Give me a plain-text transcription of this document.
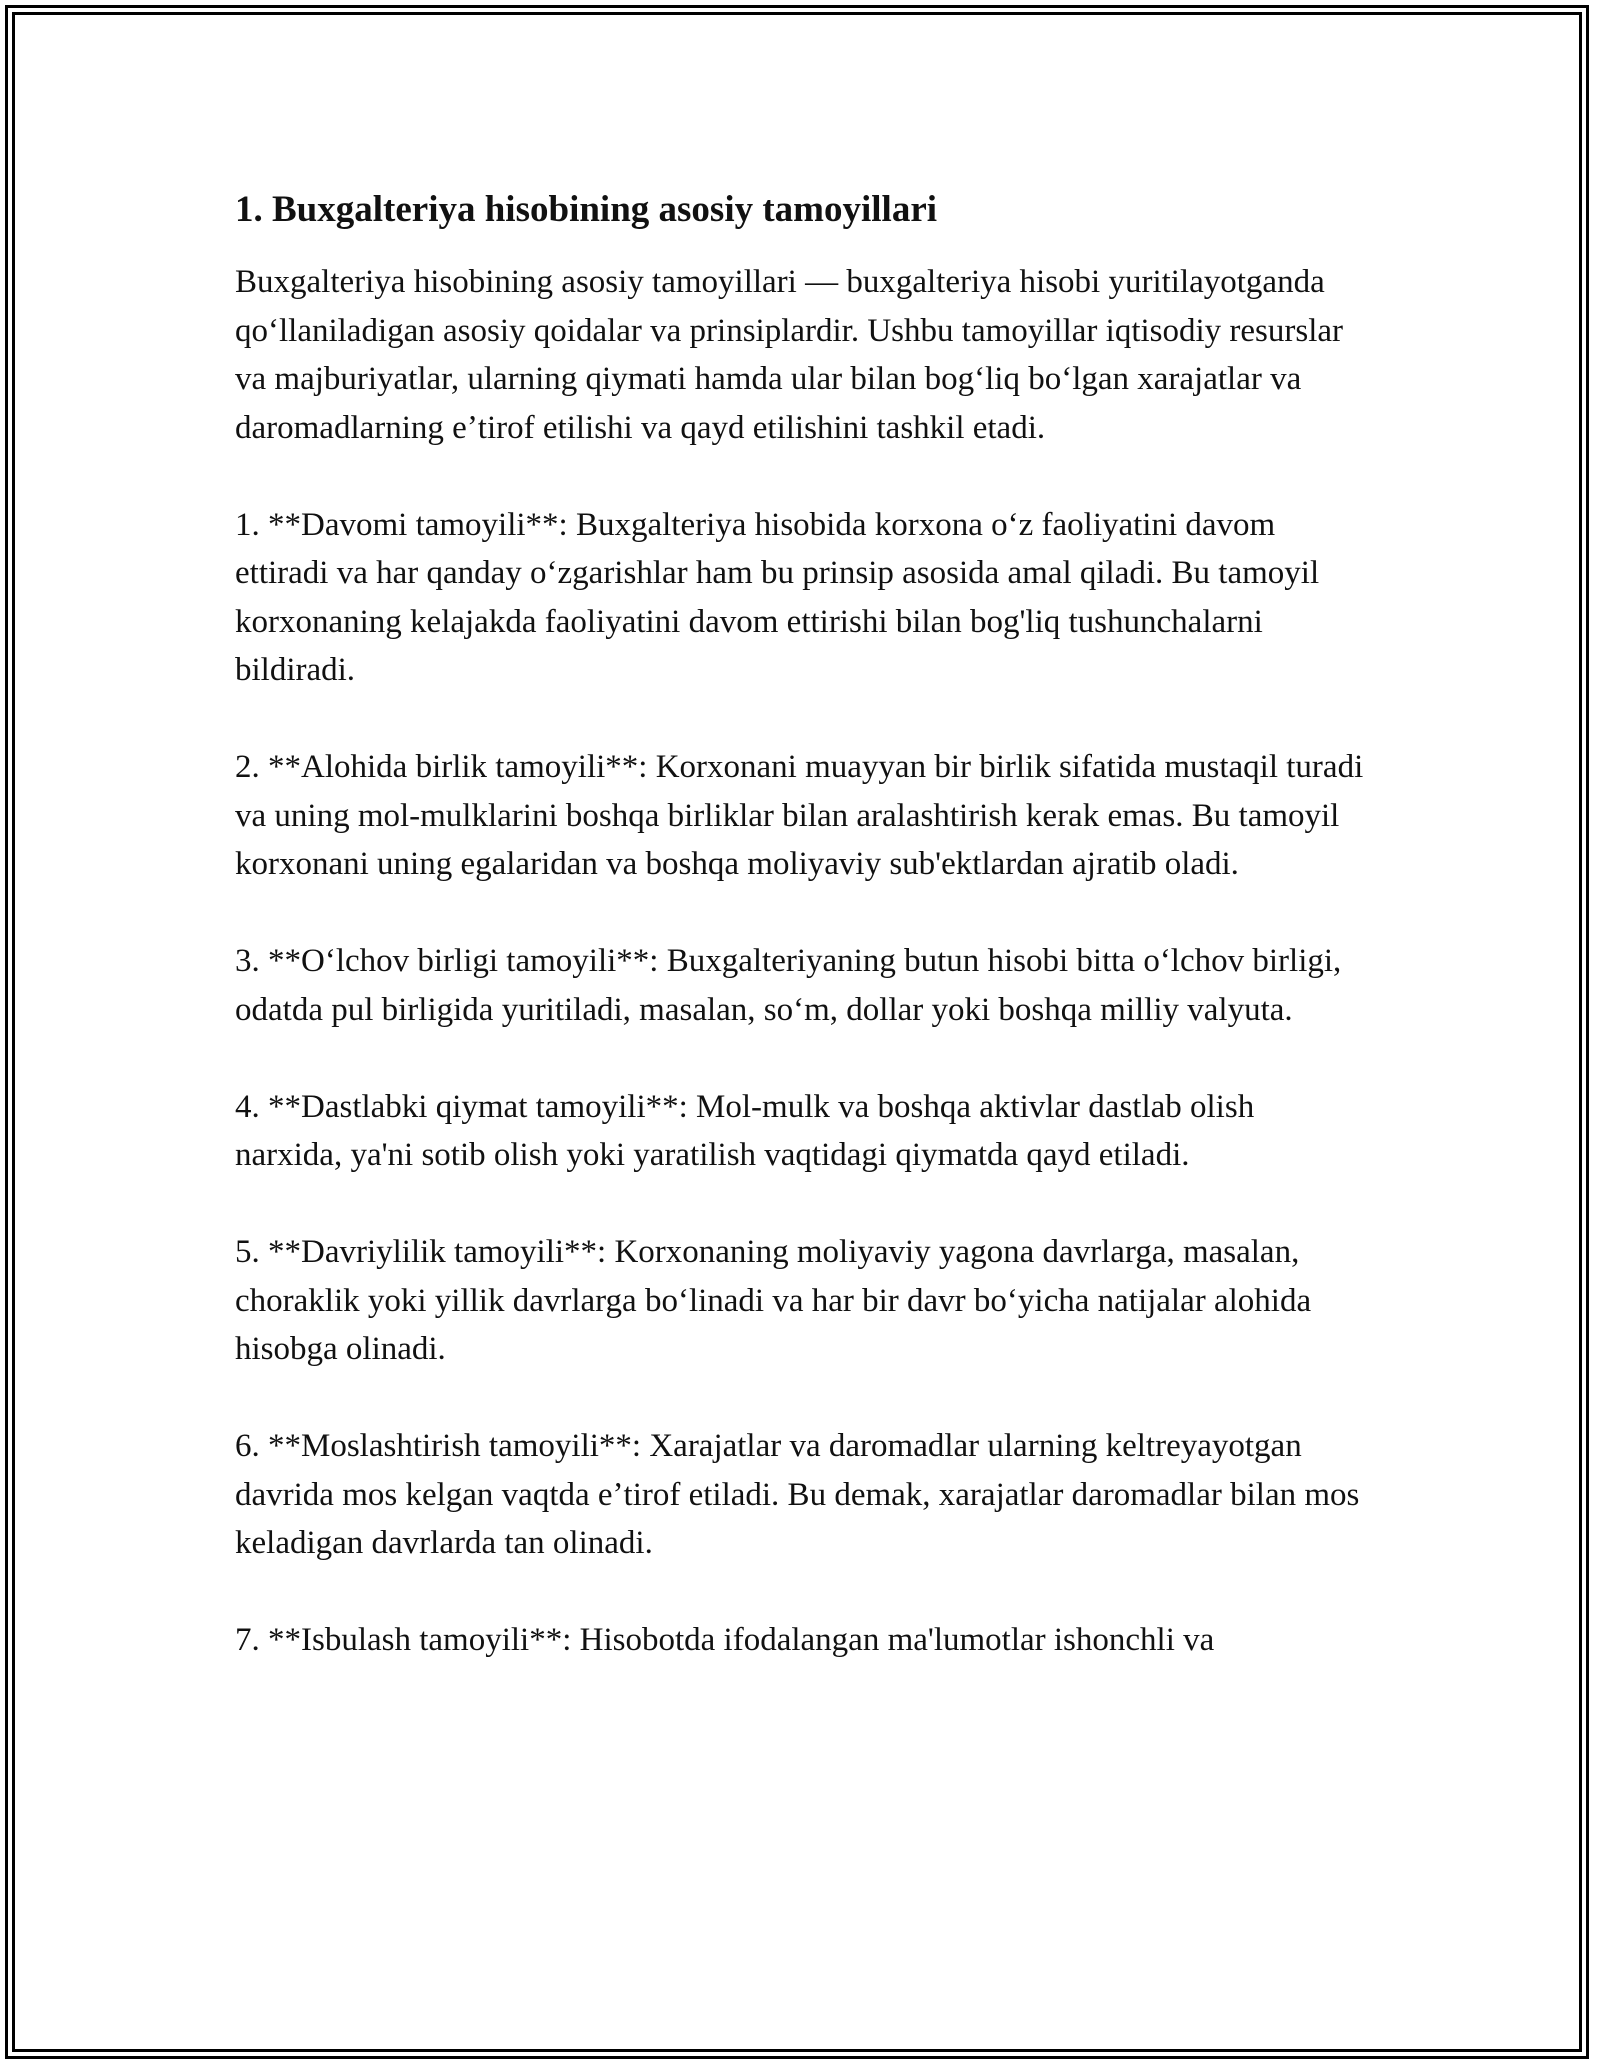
1. Buxgalteriya hisobining asosiy tamoyillari

Buxgalteriya hisobining asosiy tamoyillari — buxgalteriya hisobi yuritilayotganda qoʻllaniladigan asosiy qoidalar va prinsiplardir. Ushbu tamoyillar iqtisodiy resurslar va majburiyatlar, ularning qiymati hamda ular bilan bogʻliq boʻlgan xarajatlar va daromadlarning eʼtirof etilishi va qayd etilishini tashkil etadi.

1. **Davomi tamoyili**: Buxgalteriya hisobida korxona oʻz faoliyatini davom ettiradi va har qanday oʻzgarishlar ham bu prinsip asosida amal qiladi. Bu tamoyil korxonaning kelajakda faoliyatini davom ettirishi bilan bog'liq tushunchalarni bildiradi.

2. **Alohida birlik tamoyili**: Korxonani muayyan bir birlik sifatida mustaqil turadi va uning mol-mulklarini boshqa birliklar bilan aralashtirish kerak emas. Bu tamoyil korxonani uning egalaridan va boshqa moliyaviy sub'ektlardan ajratib oladi.

3. **Oʻlchov birligi tamoyili**: Buxgalteriyaning butun hisobi bitta oʻlchov birligi, odatda pul birligida yuritiladi, masalan, soʻm, dollar yoki boshqa milliy valyuta.

4. **Dastlabki qiymat tamoyili**: Mol-mulk va boshqa aktivlar dastlab olish narxida, ya'ni sotib olish yoki yaratilish vaqtidagi qiymatda qayd etiladi.

5. **Davriylilik tamoyili**: Korxonaning moliyaviy yagona davrlarga, masalan, choraklik yoki yillik davrlarga boʻlinadi va har bir davr boʻyicha natijalar alohida hisobga olinadi.

6. **Moslashtirish tamoyili**: Xarajatlar va daromadlar ularning keltreyayotgan davrida mos kelgan vaqtda eʼtirof etiladi. Bu demak, xarajatlar daromadlar bilan mos keladigan davrlarda tan olinadi.

7. **Isbulash tamoyili**: Hisobotda ifodalangan ma'lumotlar ishonchli va
